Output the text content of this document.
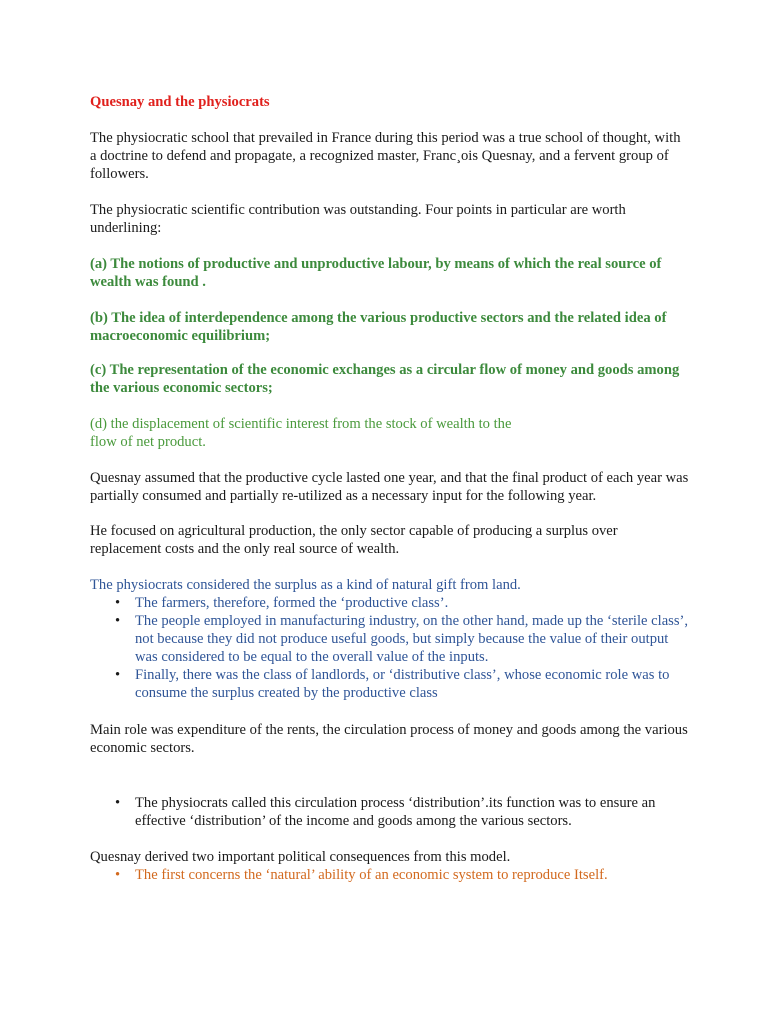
Quesnay and the physiocrats

The physiocratic school that prevailed in France during this period was a true school of thought, with a doctrine to defend and propagate, a recognized master, Franc¸ois Quesnay, and a fervent group of followers.

The physiocratic scientific contribution was outstanding. Four points in particular are worth underlining:

(a) The notions of productive and unproductive labour, by means of which the real source of wealth was found .

(b) The idea of interdependence among the various productive sectors and the related idea of macroeconomic equilibrium;

(c) The representation of the economic exchanges as a circular flow of money and goods among the various economic sectors;

(d) the displacement of scientific interest from the stock of wealth to the
flow of net product.

Quesnay assumed that the productive cycle lasted one year, and that the final product of each year was partially consumed and partially re-utilized as a necessary input for the following year.

He focused on agricultural production, the only sector capable of producing a surplus over replacement costs and the only real source of wealth.

The physiocrats considered the surplus as a kind of natural gift from land.

• The farmers, therefore, formed the ‘productive class’.
• The people employed in manufacturing industry, on the other hand, made up the ‘sterile class’, not because they did not produce useful goods, but simply because the value of their output was considered to be equal to the overall value of the inputs.
• Finally, there was the class of landlords, or ‘distributive class’, whose economic role was to consume the surplus created by the productive class

Main role was expenditure of the rents, the circulation process of money and goods among the various economic sectors.

• The physiocrats called this circulation process ‘distribution’.its function was to ensure an effective ‘distribution’ of the income and goods among the various sectors.

Quesnay derived two important political consequences from this model.

• The first concerns the ‘natural’ ability of an economic system to reproduce Itself.
